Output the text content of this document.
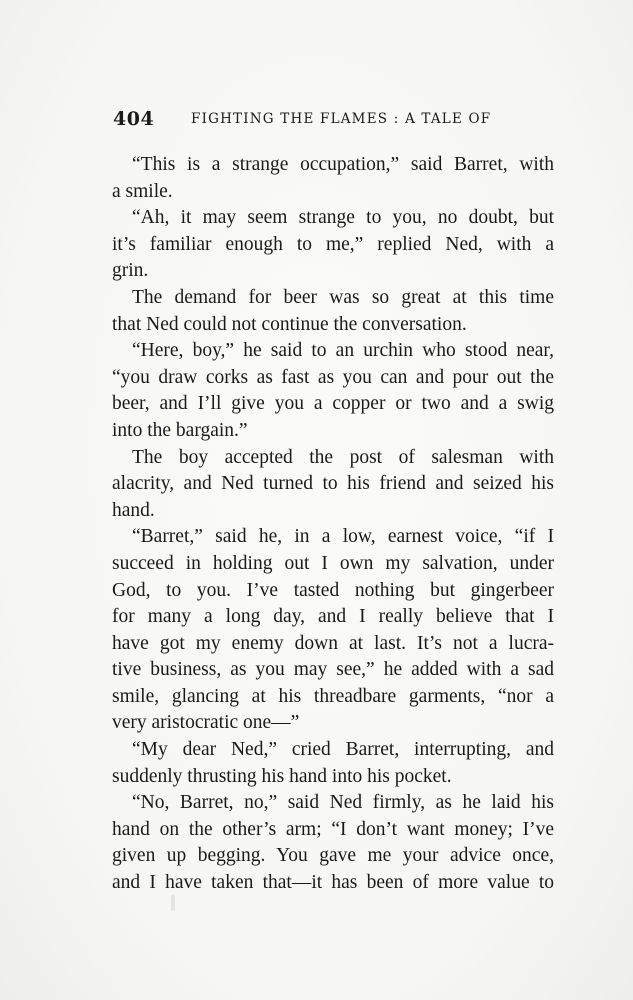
404	FIGHTING THE FLAMES : A TALE OF
“This is a strange occupation,” said Barret, with
a smile.
“Ah, it may seem strange to you, no doubt, but
it’s familiar enough to me,” replied Ned, with a
grin.
The demand for beer was so great at this time
that Ned could not continue the conversation.
“Here, boy,” he said to an urchin who stood near,
“you draw corks as fast as you can and pour out the
beer, and I’ll give you a copper or two and a swig
into the bargain.”
The boy accepted the post of salesman with
alacrity, and Ned turned to his friend and seized his
hand.
“Barret,” said he, in a low, earnest voice, “if I
succeed in holding out I own my salvation, under
God, to you. I’ve tasted nothing but gingerbeer
for many a long day, and I really believe that I
have got my enemy down at last. It’s not a lucra-
tive business, as you may see,” he added with a sad
smile, glancing at his threadbare garments, “nor a
very aristocratic one—”
“My dear Ned,” cried Barret, interrupting, and
suddenly thrusting his hand into his pocket.
“No, Barret, no,” said Ned firmly, as he laid his
hand on the other’s arm; “I don’t want money; I’ve
given up begging. You gave me your advice once,
and I have taken that—it has been of more value to
